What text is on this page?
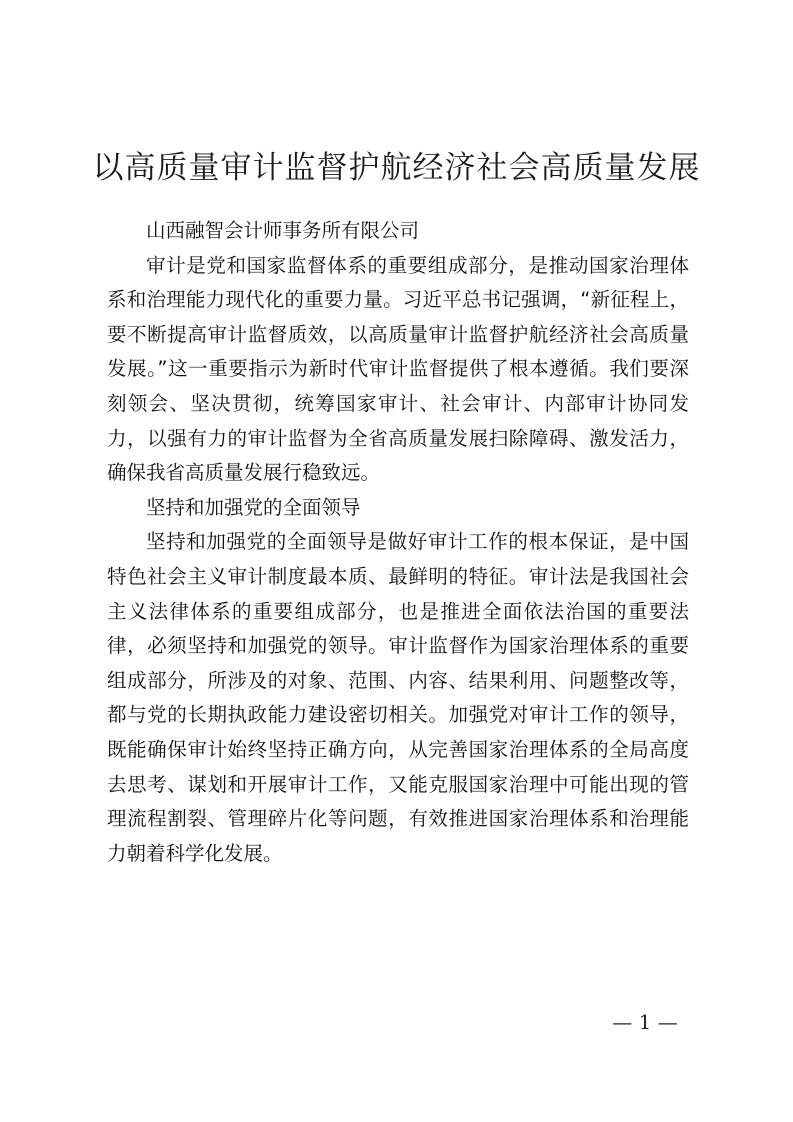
以高质量审计监督护航经济社会高质量发展

山西融智会计师事务所有限公司

审计是党和国家监督体系的重要组成部分，是推动国家治理体系和治理能力现代化的重要力量。习近平总书记强调，“新征程上，要不断提高审计监督质效，以高质量审计监督护航经济社会高质量发展。”这一重要指示为新时代审计监督提供了根本遵循。我们要深刻领会、坚决贯彻，统筹国家审计、社会审计、内部审计协同发力，以强有力的审计监督为全省高质量发展扫除障碍、激发活力，确保我省高质量发展行稳致远。

坚持和加强党的全面领导

坚持和加强党的全面领导是做好审计工作的根本保证，是中国特色社会主义审计制度最本质、最鲜明的特征。审计法是我国社会主义法律体系的重要组成部分，也是推进全面依法治国的重要法律，必须坚持和加强党的领导。审计监督作为国家治理体系的重要组成部分，所涉及的对象、范围、内容、结果利用、问题整改等，都与党的长期执政能力建设密切相关。加强党对审计工作的领导，既能确保审计始终坚持正确方向，从完善国家治理体系的全局高度去思考、谋划和开展审计工作，又能克服国家治理中可能出现的管理流程割裂、管理碎片化等问题，有效推进国家治理体系和治理能力朝着科学化发展。

— 1 —
